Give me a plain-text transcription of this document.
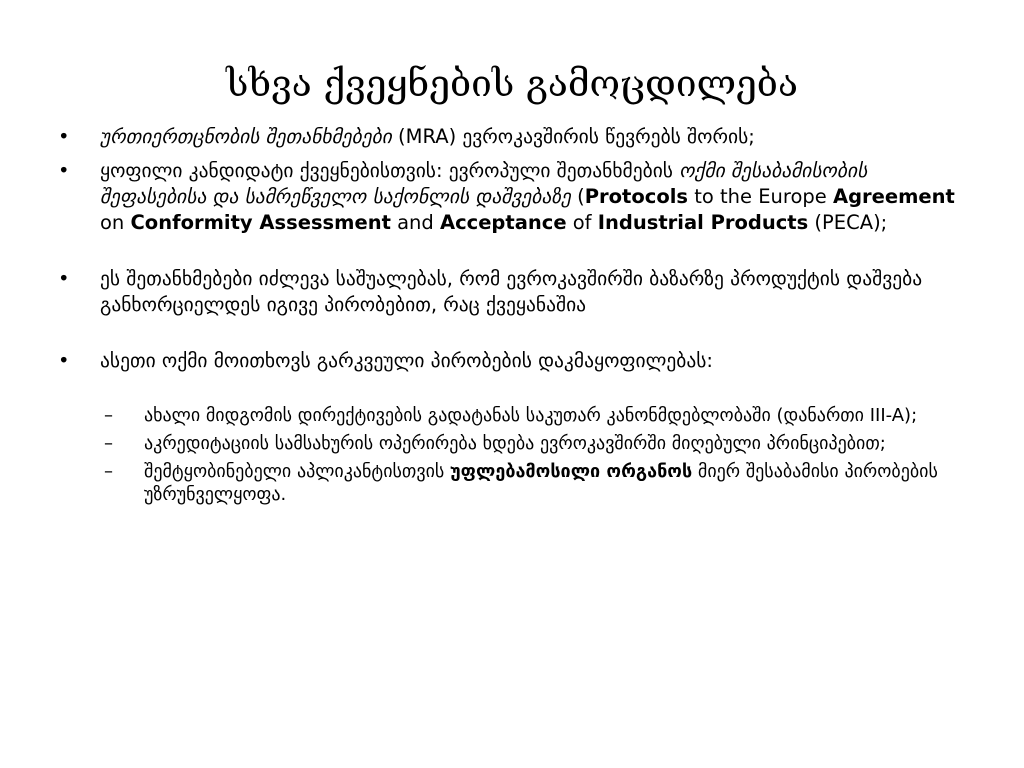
სხვა ქვეყნების გამოცდილება
•	ურთიერთცნობის შეთანხმებები (MRA) ევროკავშირის წევრებს შორის;
•	ყოფილი კანდიდატი ქვეყნებისთვის: ევროპული შეთანხმების ოქმი შესაბამისობის შეფასებისა და სამრეწველო საქონლის დაშვებაზე (Protocols to the Europe Agreement on Conformity Assessment and Acceptance of Industrial Products (PECA);
•	ეს შეთანხმებები იძლევა საშუალებას, რომ ევროკავშირში ბაზარზე პროდუქტის დაშვება განხორციელდეს იგივე პირობებით, რაც ქვეყანაშია
•	ასეთი ოქმი მოითხოვს გარკვეული პირობების დაკმაყოფილებას:
–	ახალი მიდგომის დირექტივების გადატანას საკუთარ კანონმდებლობაში (დანართი III-A);
–	აკრედიტაციის სამსახურის ოპერირება ხდება ევროკავშირში მიღებული პრინციპებით;
–	შემტყობინებელი აპლიკანტისთვის უფლებამოსილი ორგანოს მიერ შესაბამისი პირობების უზრუნველყოფა.
